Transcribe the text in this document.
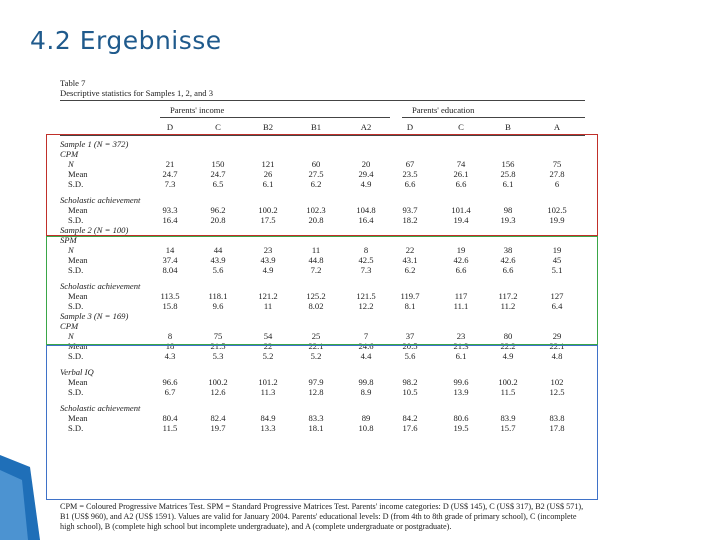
4.2 Ergebnisse
Table 7
Descriptive statistics for Samples 1, 2, and 3
Parents' income	Parents' education
D	C	B2	B1	A2	D	C	B	A
Sample 1 (N = 372)
CPM
N	21	150	121	60	20	67	74	156	75
Mean	24.7	24.7	26	27.5	29.4	23.5	26.1	25.8	27.8
S.D.	7.3	6.5	6.1	6.2	4.9	6.6	6.6	6.1	6
Scholastic achievement
Mean	93.3	96.2	100.2	102.3	104.8	93.7	101.4	98	102.5
S.D.	16.4	20.8	17.5	20.8	16.4	18.2	19.4	19.3	19.9
Sample 2 (N = 100)
SPM
N	14	44	23	11	8	22	19	38	19
Mean	37.4	43.9	43.9	44.8	42.5	43.1	42.6	42.6	45
S.D.	8.04	5.6	4.9	7.2	7.3	6.2	6.6	6.6	5.1
Scholastic achievement
Mean	113.5	118.1	121.2	125.2	121.5	119.7	117	117.2	127
S.D.	15.8	9.6	11	8.02	12.2	8.1	11.1	11.2	6.4
Sample 3 (N = 169)
CPM
N	8	75	54	25	7	37	23	80	29
Mean	18	21.5	22	22.1	24.6	20.5	21.3	22.2	22.1
S.D.	4.3	5.3	5.2	5.2	4.4	5.6	6.1	4.9	4.8
Verbal IQ
Mean	96.6	100.2	101.2	97.9	99.8	98.2	99.6	100.2	102
S.D.	6.7	12.6	11.3	12.8	8.9	10.5	13.9	11.5	12.5
Scholastic achievement
Mean	80.4	82.4	84.9	83.3	89	84.2	80.6	83.9	83.8
S.D.	11.5	19.7	13.3	18.1	10.8	17.6	19.5	15.7	17.8
CPM = Coloured Progressive Matrices Test. SPM = Standard Progressive Matrices Test. Parents' income categories: D (US$ 145), C (US$ 317), B2 (US$ 571), B1 (US$ 960), and A2 (US$ 1591). Values are valid for January 2004. Parents' educational levels: D (from 4th to 8th grade of primary school), C (incomplete high school), B (complete high school but incomplete undergraduate), and A (complete undergraduate or postgraduate).
